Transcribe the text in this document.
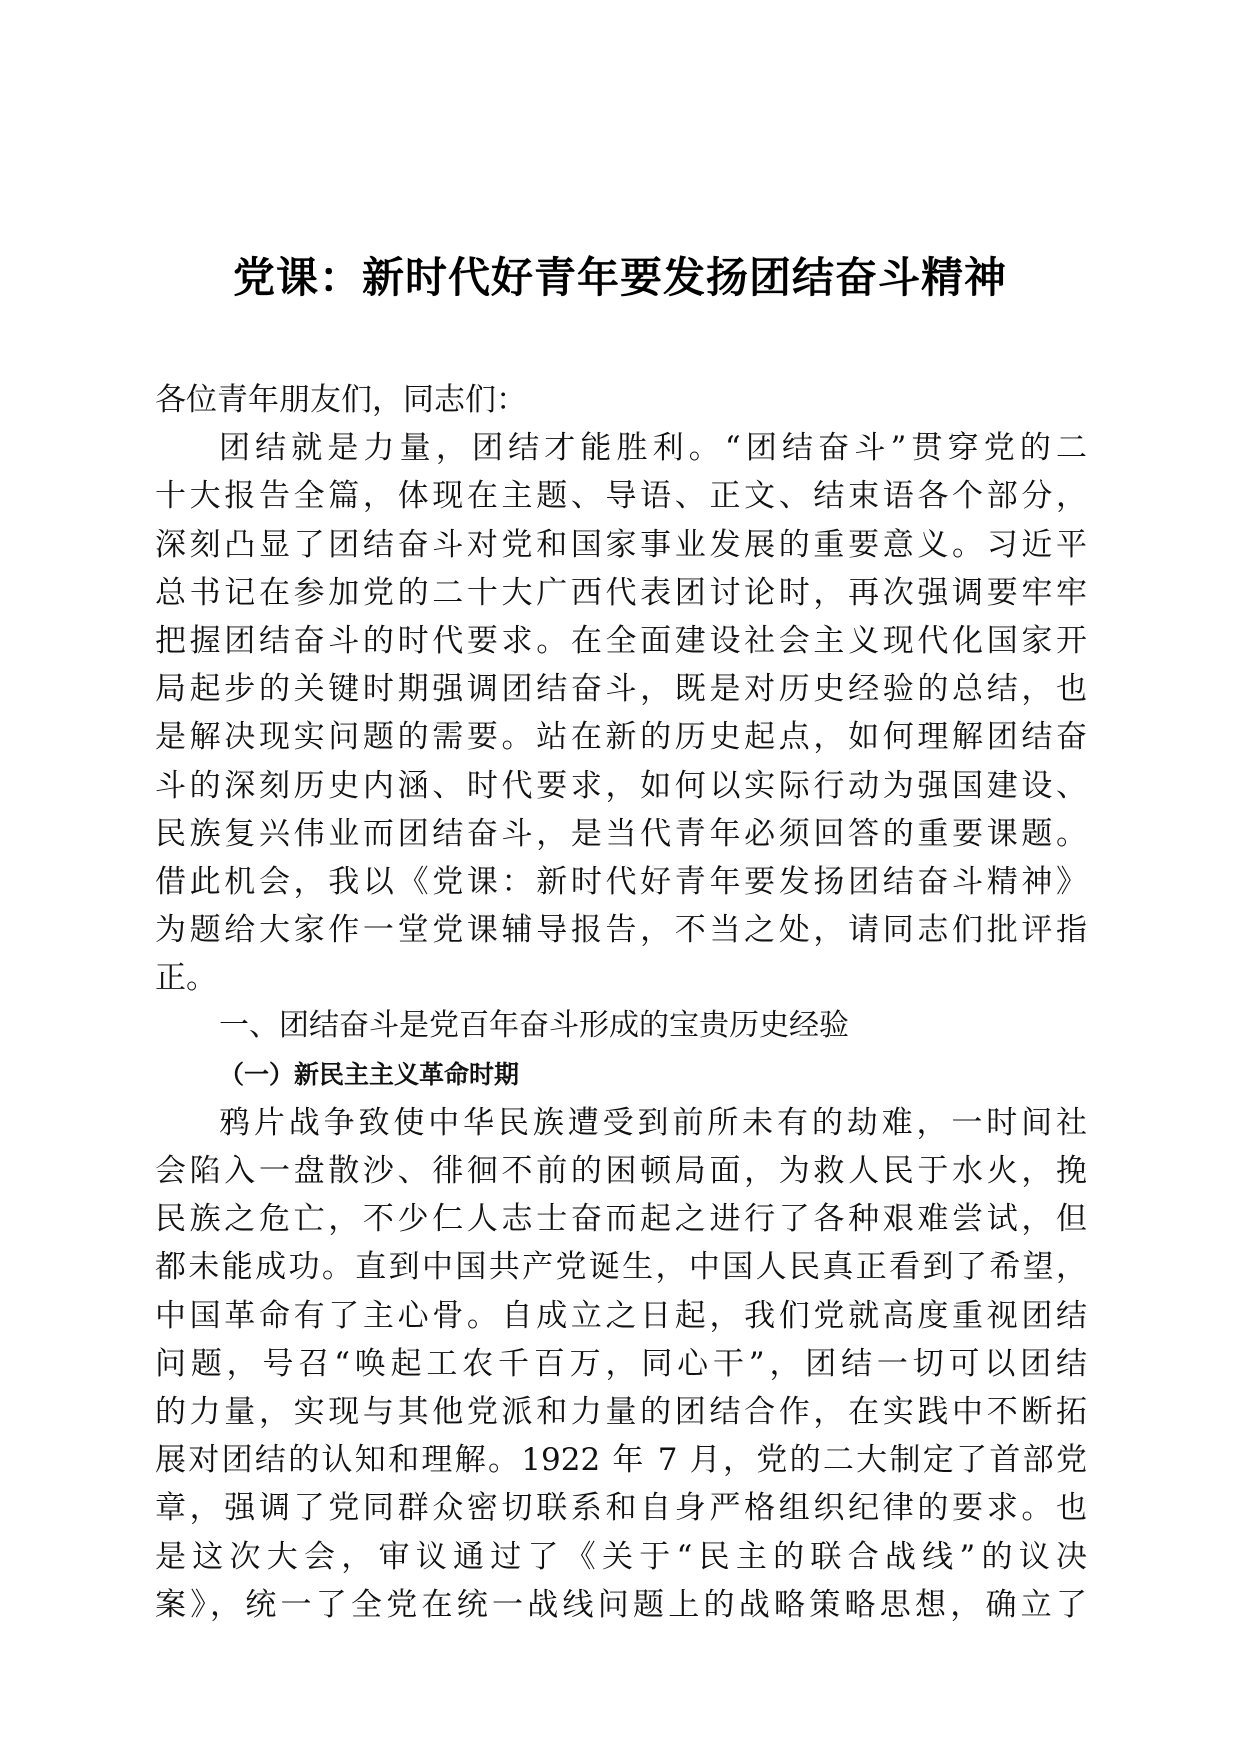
党课：新时代好青年要发扬团结奋斗精神
各位青年朋友们，同志们：
团结就是力量，团结才能胜利。“团结奋斗”贯穿党的二
十大报告全篇，体现在主题、导语、正文、结束语各个部分，
深刻凸显了团结奋斗对党和国家事业发展的重要意义。习近平
总书记在参加党的二十大广西代表团讨论时，再次强调要牢牢
把握团结奋斗的时代要求。在全面建设社会主义现代化国家开
局起步的关键时期强调团结奋斗，既是对历史经验的总结，也
是解决现实问题的需要。站在新的历史起点，如何理解团结奋
斗的深刻历史内涵、时代要求，如何以实际行动为强国建设、
民族复兴伟业而团结奋斗，是当代青年必须回答的重要课题。
借此机会，我以《党课：新时代好青年要发扬团结奋斗精神》
为题给大家作一堂党课辅导报告，不当之处，请同志们批评指
正。
一、团结奋斗是党百年奋斗形成的宝贵历史经验
（一）新民主主义革命时期
鸦片战争致使中华民族遭受到前所未有的劫难，一时间社
会陷入一盘散沙、徘徊不前的困顿局面，为救人民于水火，挽
民族之危亡，不少仁人志士奋而起之进行了各种艰难尝试，但
都未能成功。直到中国共产党诞生，中国人民真正看到了希望，
中国革命有了主心骨。自成立之日起，我们党就高度重视团结
问题，号召“唤起工农千百万，同心干”，团结一切可以团结
的力量，实现与其他党派和力量的团结合作，在实践中不断拓
展对团结的认知和理解。1922 年 7 月，党的二大制定了首部党
章，强调了党同群众密切联系和自身严格组织纪律的要求。也
是这次大会，审议通过了《关于“民主的联合战线”的议决
案》，统一了全党在统一战线问题上的战略策略思想，确立了
